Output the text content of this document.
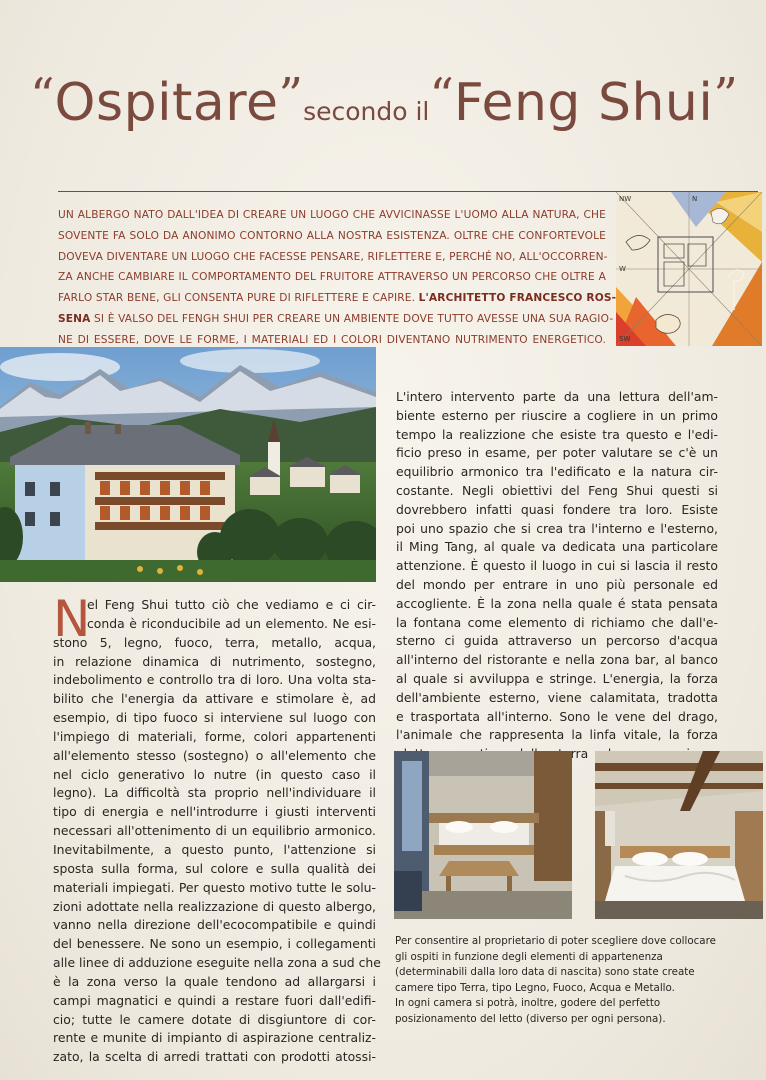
“Ospitare”secondo il“Feng Shui”
UN ALBERGO NATO DALL'IDEA DI CREARE UN LUOGO CHE AVVICINASSE L'UOMO ALLA NATURA, CHE
SOVENTE FA SOLO DA ANONIMO CONTORNO ALLA NOSTRA ESISTENZA. OLTRE CHE CONFORTEVOLE
DOVEVA DIVENTARE UN LUOGO CHE FACESSE PENSARE, RIFLETTERE E, PERCHÉ NO, ALL'OCCORREN-
ZA ANCHE CAMBIARE IL COMPORTAMENTO DEL FRUITORE ATTRAVERSO UN PERCORSO CHE OLTRE A
FARLO STAR BENE, GLI CONSENTA PURE DI RIFLETTERE E CAPIRE. L'ARCHITETTO FRANCESCO ROS-
SENA SI È VALSO DEL FENGH SHUI PER CREARE UN AMBIENTE DOVE TUTTO AVESSE UNA SUA RAGIO-
NE DI ESSERE, DOVE LE FORME, I MATERIALI ED I COLORI DIVENTANO NUTRIMENTO ENERGETICO.
NW	N
W
SW
N
el Feng Shui tutto ciò che vediamo e ci cir-
conda è riconducibile ad un elemento. Ne esi-
stono 5, legno, fuoco, terra, metallo, acqua,
in relazione dinamica di nutrimento, sostegno,
indebolimento e controllo tra di loro. Una volta sta-
bilito che l'energia da attivare e stimolare è, ad
esempio, di tipo fuoco si interviene sul luogo con
l'impiego di materiali, forme, colori appartenenti
all'elemento stesso (sostegno) o all'elemento che
nel ciclo generativo lo nutre (in questo caso il
legno). La difficoltà sta proprio nell'individuare il
tipo di energia e nell'introdurre i giusti interventi
necessari all'ottenimento di un equilibrio armonico.
Inevitabilmente, a questo punto, l'attenzione si
sposta sulla forma, sul colore e sulla qualità dei
materiali impiegati. Per questo motivo tutte le solu-
zioni adottate nella realizzazione di questo albergo,
vanno nella direzione dell'ecocompatibile e quindi
del benessere. Ne sono un esempio, i collegamenti
alle linee di adduzione eseguite nella zona a sud che
è la zona verso la quale tendono ad allargarsi i
campi magnatici e quindi a restare fuori dall'edifi-
cio; tutte le camere dotate di disgiuntore di cor-
rente e munite di impianto di aspirazione centraliz-
zato, la scelta di arredi trattati con prodotti atossi-
L'intero intervento parte da una lettura dell'am-
biente esterno per riuscire a cogliere in un primo
tempo la realizzione che esiste tra questo e l'edi-
ficio preso in esame, per poter valutare se c'è un
equilibrio armonico tra l'edificato e la natura cir-
costante. Negli obiettivi del Feng Shui questi si
dovrebbero infatti quasi fondere tra loro. Esiste
poi uno spazio che si crea tra l'interno e l'esterno,
il Ming Tang, al quale va dedicata una particolare
attenzione. È questo il luogo in cui si lascia il resto
del mondo per entrare in uno più personale ed
accogliente. È la zona nella quale é stata pensata
la fontana come elemento di richiamo che dall'e-
sterno ci guida attraverso un percorso d'acqua
all'interno del ristorante e nella zona bar, al banco
al quale si avviluppa e stringe. L'energia, la forza
dell'ambiente esterno, viene calamitata, tradotta
e trasportata all'interno. Sono le vene del drago,
l'animale che rappresenta la linfa vitale, la forza
terra
Per consentire al proprietario di poter scegliere dove collocare
gli ospiti in funzione degli elementi di appartenenza
(determinabili dalla loro data di nascita) sono state create
camere tipo Terra, tipo Legno, Fuoco, Acqua e Metallo.
In ogni camera si potrà, inoltre, godere del perfetto
posizionamento del letto (diverso per ogni persona).
